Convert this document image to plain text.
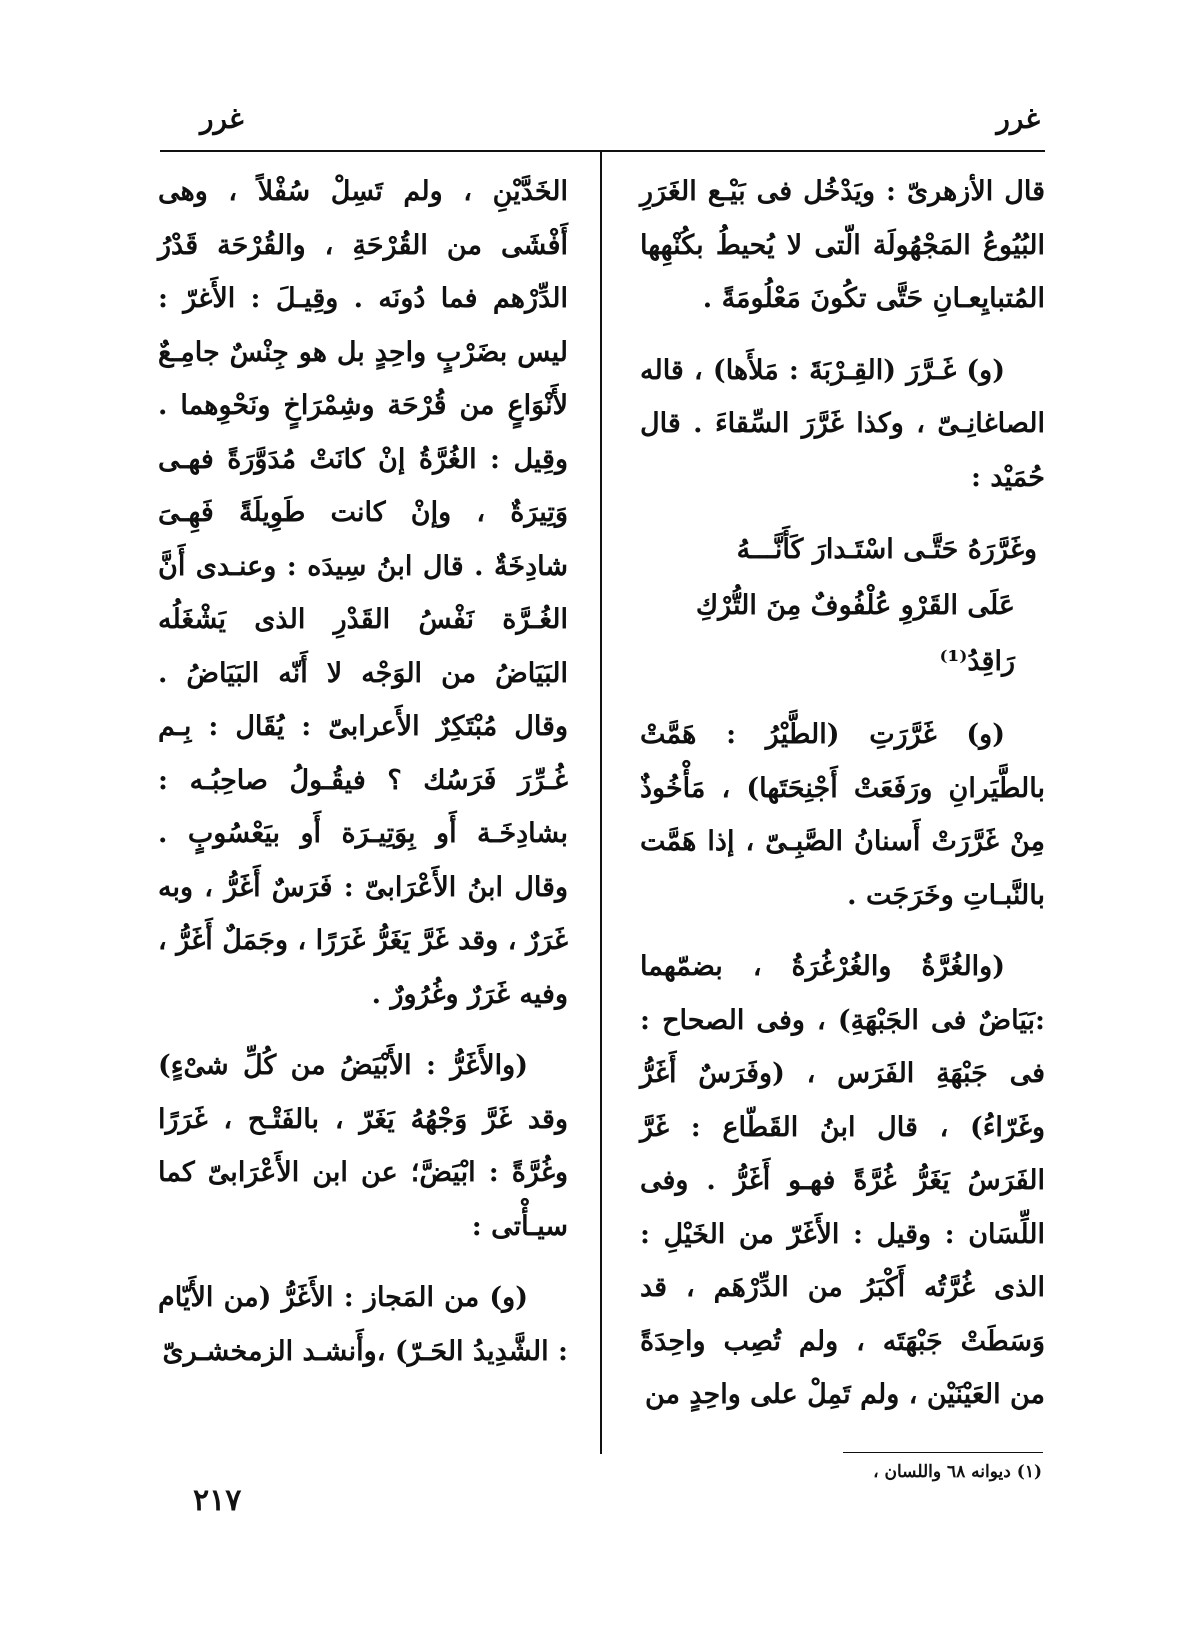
غرر
غرر

قال الأزهرىّ : ويَدْخُل فى بَيْـع الغَرَرِ البُيُوعُ المَجْهُولَة الّتى لا يُحيطُ بكُنْهِها المُتبايِعـانِ حَتَّى تكُونَ مَعْلُومَةً .

(و) غَـرَّرَ (القِـرْبَةَ : مَلأَها) ، قاله الصاغانِـىّ ، وكذا غَرَّرَ السِّقاءَ . قال حُمَيْد :

وغَرَّرَهُ حَتَّـى اسْتَـدارَ كَأَنَّـــهُ
عَلَى القَرْوِ عُلْفُوفٌ مِنَ التُّرْكِ رَاقِدُ⁽¹⁾

(و) غَرَّرَتِ (الطَّيْرُ : هَمَّتْ بالطَّيَرانِ ورَفَعَتْ أَجْنِحَتَها) ، مَأْخُوذٌ مِنْ غَرَّرَتْ أَسنانُ الصَّبِـىّ ، إذا هَمَّت بالنَّبـاتِ وخَرَجَت .

(والغُرَّةُ والغُرْغُرَةُ ، بضمّهما :بَيَاضٌ فى الجَبْهَةِ) ، وفى الصحاح : فى جَبْهَةِ الفَرَس ، (وفَرَسٌ أَغَرُّ وغَرّاءُ) ، قال ابنُ القَطّاع : غَرَّ الفَرَسُ يَغَرُّ غُرَّةً فهـو أَغَرُّ . وفى اللِّسَان : وقيل : الأَغَرّ من الخَيْلِ : الذى غُرَّتُه أَكْبَرُ من الدِّرْهَم ، قد وَسَطَتْ جَبْهَتَه ، ولم تُصِب واحِدَةً من العَيْنَيْن ، ولم تَمِلْ على واحِدٍ من

الخَدَّيْنِ ، ولم تَسِلْ سُفْلاً ، وهى أَفْشَى من القُرْحَةِ ، والقُرْحَة قَدْرُ الدِّرْهم فما دُونَه . وقِيـلَ : الأَغرّ : ليس بضَرْبٍ واحِدٍ بل هو جِنْسٌ جامِـعٌ لأَنْوَاعٍ من قُرْحَة وشِمْرَاخٍ ونَحْوِهما . وقِيل : الغُرَّةُ إنْ كانَتْ مُدَوَّرَةً فهـى وَتِيرَةٌ ، وإنْ كانت طَوِيلَةً فَهِـىَ شادِخَةٌ . قال ابنُ سِيدَه : وعنـدى أَنَّ الغُـرَّة نَفْسُ القَدْرِ الذى يَشْغَلُه البَيَاضُ من الوَجْه لا أَنّه البَيَاضُ . وقال مُبْتَكِرٌ الأَعرابىّ : يُقَال : بِـم غُـرِّرَ فَرَسُك ؟ فيقُـولُ صاحِبُـه : بشادِخَـة أَو بِوَتِيـرَة أَو بيَعْسُوبٍ . وقال ابنُ الأَعْرَابىّ : فَرَسٌ أَغَرُّ ، وبه غَرَرٌ ، وقد غَرَّ يَغَرُّ غَرَرًا ، وجَمَلٌ أَغَرُّ ، وفيه غَرَرٌ وغُرُورٌ .

(والأَغَرُّ : الأَبْيَضُ من كُلِّ شىْءٍ) وقد غَرَّ وَجْهُهُ يَغَرّ ، بالفَتْـح ، غَرَرًا وغُرَّةً : ابْيَضَّ؛ عن ابن الأَعْرَابىّ كما سيـأْتى :

(و) من المَجاز : الأَغَرُّ (من الأَيّام : الشَّدِيدُ الحَـرّ) ،وأَنشـد الزمخشـرىّ

(١) ديوانه ٦٨ واللسان ،
٢١٧
